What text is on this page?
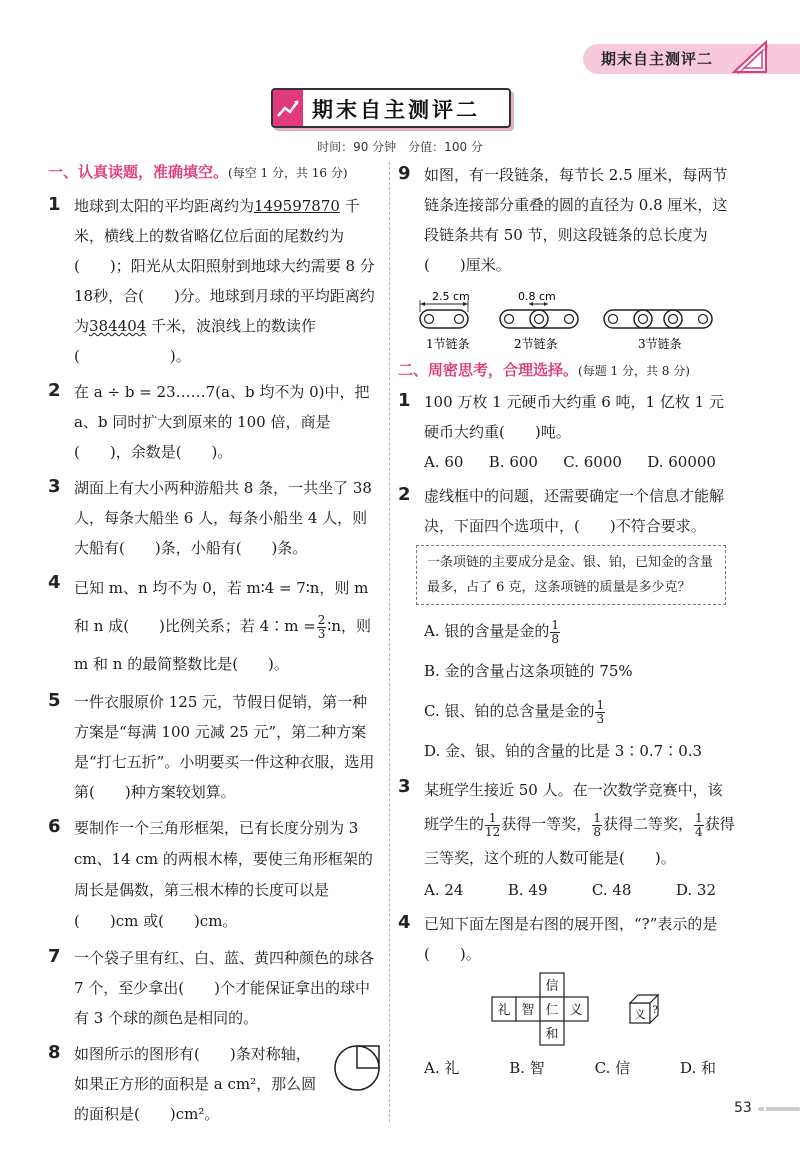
期末自主测评二
期末自主测评二
时间：90 分钟　分值：100 分
一、认真读题，准确填空。(每空 1 分，共 16 分)
1 地球到太阳的平均距离约为149597870 千米，横线上的数省略亿位后面的尾数约为(　　)；阳光从太阳照射到地球大约需要 8 分 18秒，合(　　)分。地球到月球的平均距离约为384404 千米，波浪线上的数读作(　　　　　　)。

2 在 a ÷ b = 23……7(a、b 均不为 0)中，把 a、b 同时扩大到原来的 100 倍，商是(　　)，余数是(　　)。

3 湖面上有大小两种游船共 8 条，一共坐了 38 人，每条大船坐 6 人，每条小船坐 4 人，则大船有(　　)条，小船有(　　)条。

4 已知 m、n 均不为 0，若 m∶4 = 7∶n，则 m 和 n 成(　　)比例关系；若 4∶m = $\frac{2}{3}$ ∶n，则 m 和 n 的最简整数比是(　　)。

5 一件衣服原价 125 元，节假日促销，第一种方案是“每满 100 元减 25 元”，第二种方案是“打七五折”。小明要买一件这种衣服，选用第(　　)种方案较划算。

6 要制作一个三角形框架，已有长度分别为 3 cm、14 cm 的两根木棒，要使三角形框架的周长是偶数，第三根木棒的长度可以是(　　)cm 或(　　)cm。

7 一个袋子里有红、白、蓝、黄四种颜色的球各 7 个，至少拿出(　　)个才能保证拿出的球中有 3 个球的颜色是相同的。

8 如图所示的图形有(　　)条对称轴，如果正方形的面积是 a cm²，那么圆的面积是(　　)cm²。

9 如图，有一段链条，每节长 2.5 厘米，每两节链条连接部分重叠的圆的直径为 0.8 厘米，这段链条共有 50 节，则这段链条的总长度为(　　)厘米。

2.5 cm
1节链条
0.8 cm
2节链条	3节链条
二、周密思考，合理选择。(每题 1 分，共 8 分)
1 100 万枚 1 元硬币大约重 6 吨，1 亿枚 1 元硬币大约重(　　)吨。

A. 60 B. 600 C. 6000 D. 60000
2 虚线框中的问题，还需要确定一个信息才能解决，下面四个选项中，(　　)不符合要求。

一条项链的主要成分是金、银、铂，已知金的含量最多，占了 6 克，这条项链的质量是多少克？
A. 银的含量是金的 $\frac{1}{8}$
B. 金的含量占这条项链的 75%
C. 银、铂的总含量是金的 $\frac{1}{3}$
D. 金、银、铂的含量的比是 3∶0.7∶0.3
3 某班学生接近 50 人。在一次数学竞赛中，该班学生的 $\frac{1}{12}$ 获得一等奖， $\frac{1}{8}$ 获得二等奖， $\frac{1}{4}$ 获得三等奖，这个班的人数可能是(　　)。

A. 24	B. 49	C. 48	D. 32
4 已知下面左图是右图的展开图，“?”表示的是(　　)。

信
礼 智 仁 义
和
义 ?
A. 礼	B. 智	C. 信	D. 和
53
